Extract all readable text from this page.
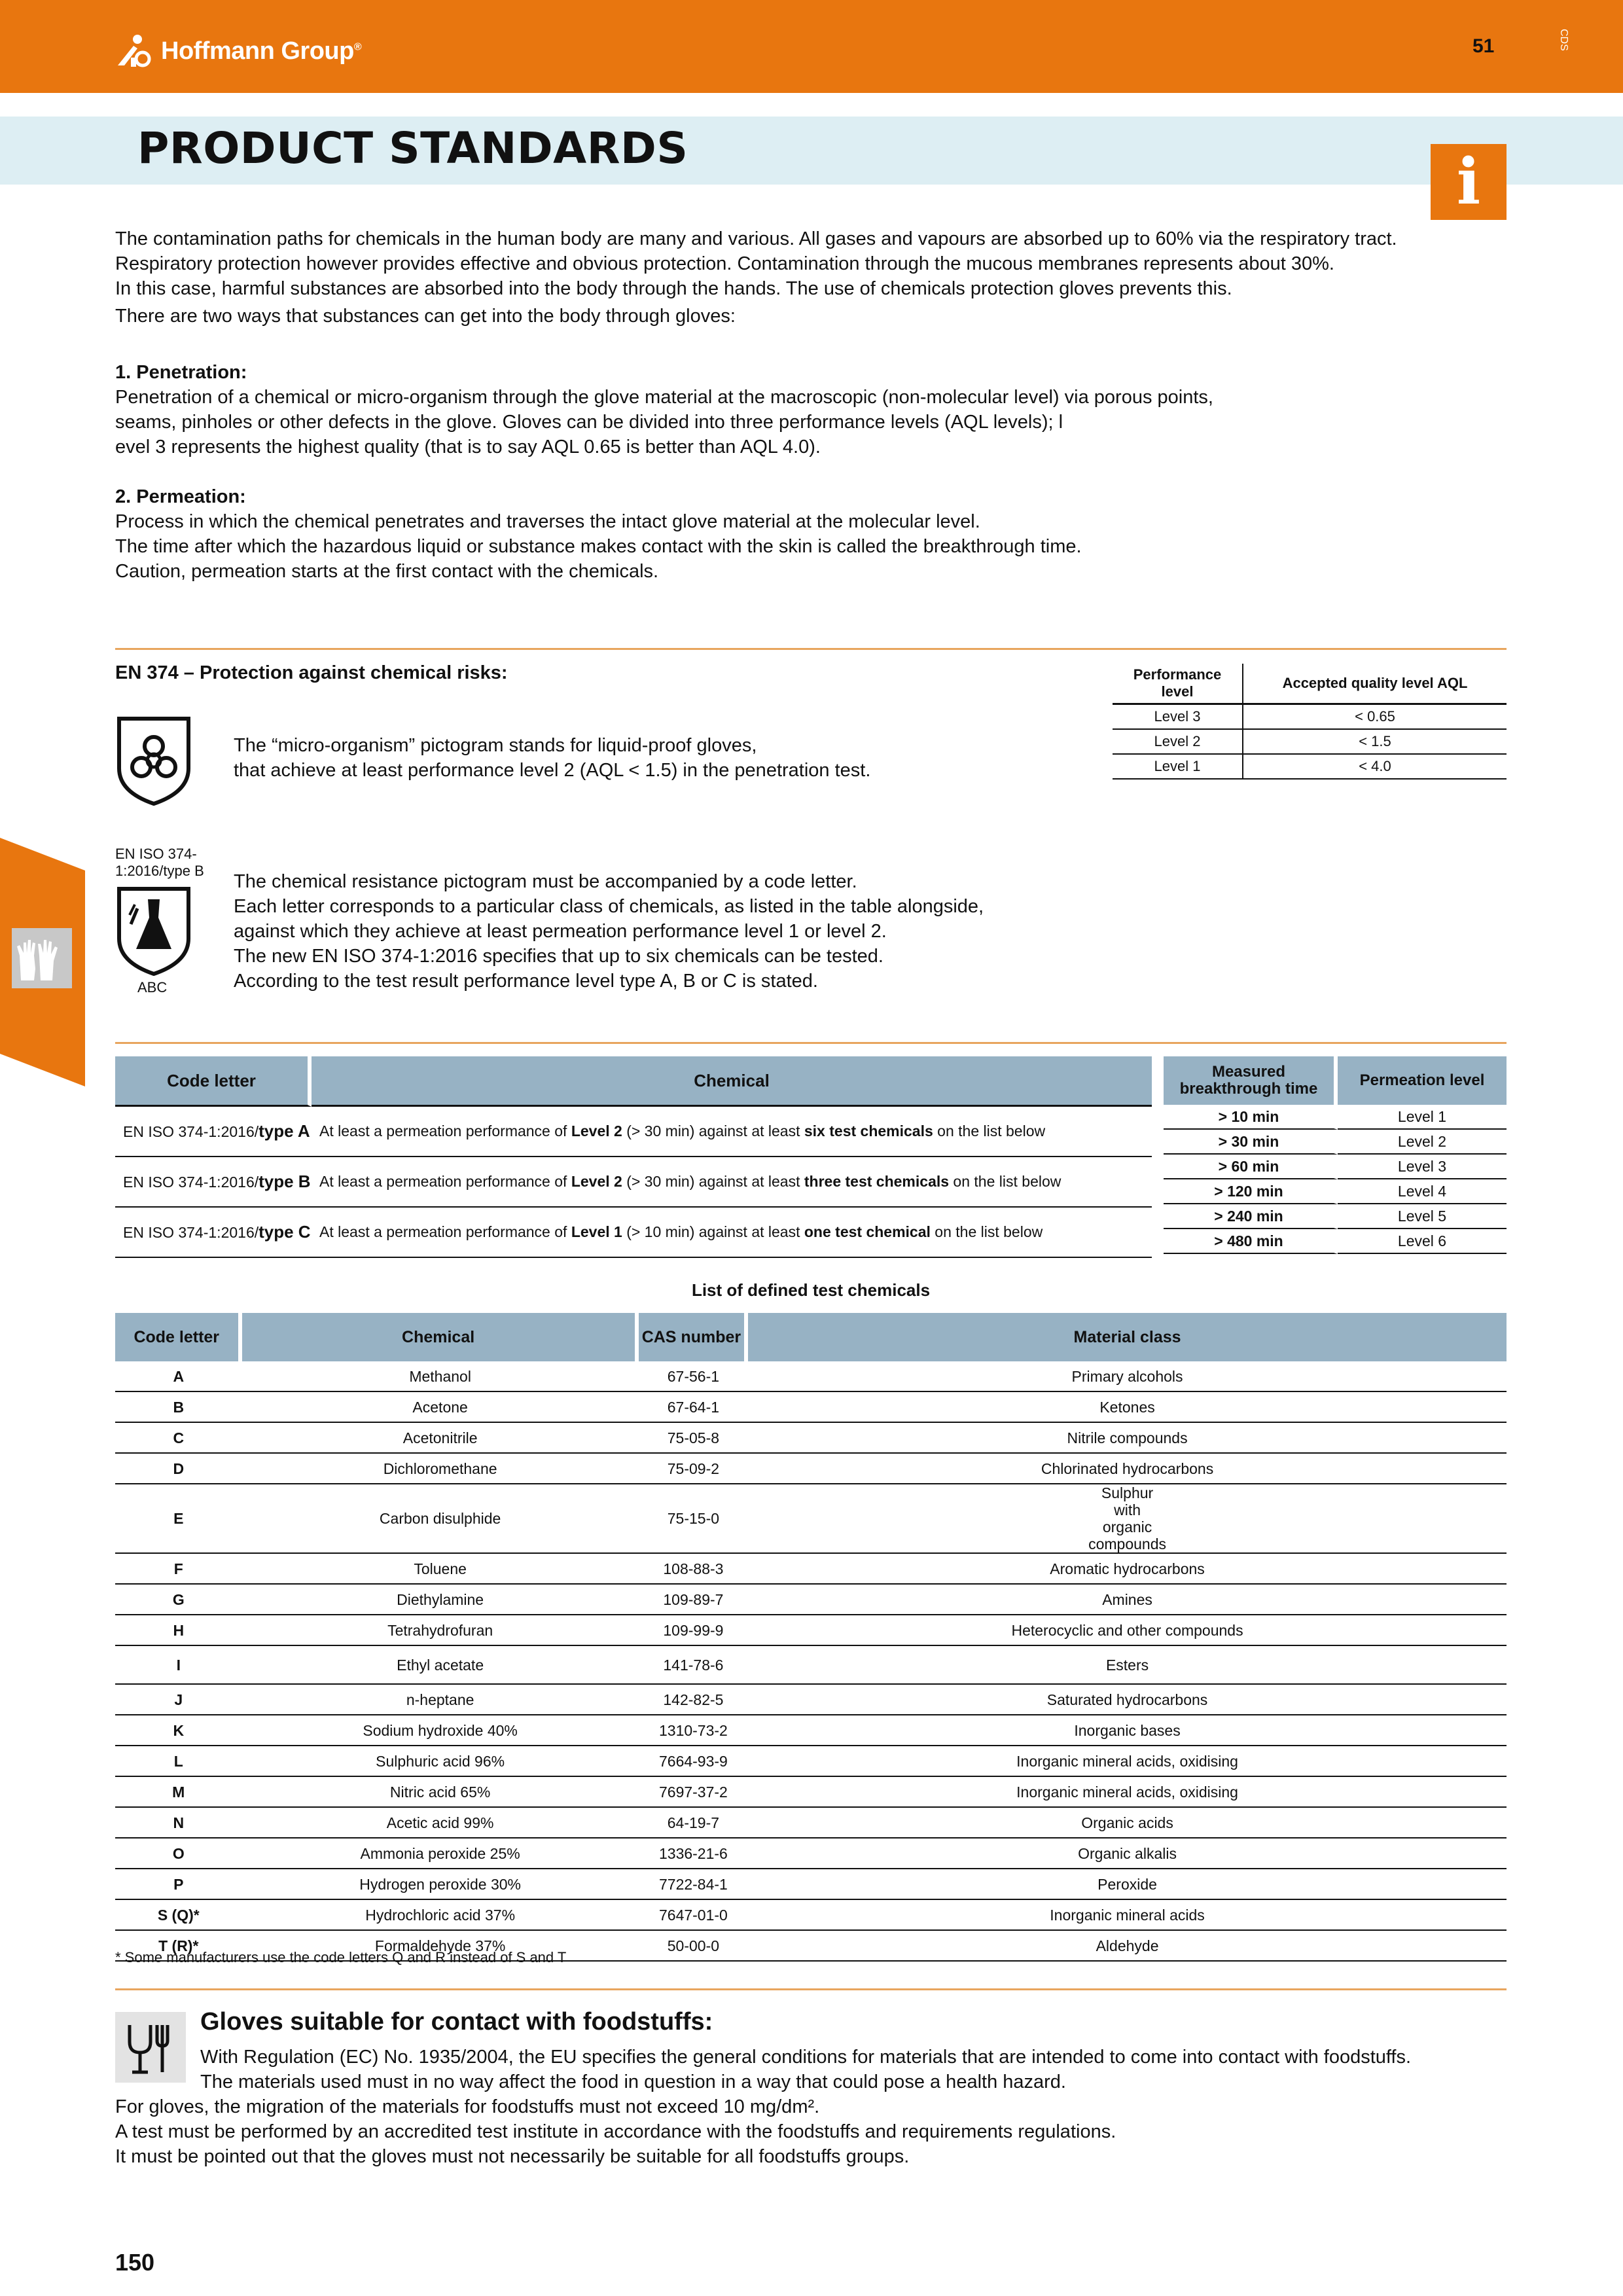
Hoffmann Group®	51	CDS
PRODUCT STANDARDS	i
The contamination paths for chemicals in the human body are many and various. All gases and vapours are absorbed up to 60% via the respiratory tract.
Respiratory protection however provides effective and obvious protection. Contamination through the mucous membranes represents about 30%.
In this case, harmful substances are absorbed into the body through the hands. The use of chemicals protection gloves prevents this.
There are two ways that substances can get into the body through gloves:
1. Penetration:
Penetration of a chemical or micro-organism through the glove material at the macroscopic (non-molecular level) via porous points,
seams, pinholes or other defects in the glove. Gloves can be divided into three performance levels (AQL levels); l
evel 3 represents the highest quality (that is to say AQL 0.65 is better than AQL 4.0).
2. Permeation:
Process in which the chemical penetrates and traverses the intact glove material at the molecular level.
The time after which the hazardous liquid or substance makes contact with the skin is called the breakthrough time.
Caution, permeation starts at the first contact with the chemicals.
EN 374 – Protection against chemical risks:
The “micro-organism” pictogram stands for liquid-proof gloves,
that achieve at least performance level 2 (AQL < 1.5) in the penetration test.
Performance level	Accepted quality level AQL
Level 3	< 0.65
Level 2	< 1.5
Level 1	< 4.0
EN ISO 374-
1:2016/type B
ABC
The chemical resistance pictogram must be accompanied by a code letter.
Each letter corresponds to a particular class of chemicals, as listed in the table alongside,
against which they achieve at least permeation performance level 1 or level 2.
The new EN ISO 374-1:2016 specifies that up to six chemicals can be tested.
According to the test result performance level type A, B or C is stated.
Code letter	Chemical
EN ISO 374-1:2016/type A	At least a permeation performance of Level 2 (> 30 min) against at least six test chemicals on the list below
EN ISO 374-1:2016/type B	At least a permeation performance of Level 2 (> 30 min) against at least three test chemicals on the list below
EN ISO 374-1:2016/type C	At least a permeation performance of Level 1 (> 10 min) against at least one test chemical on the list below
Measured breakthrough time	Permeation level
> 10 min	Level 1
> 30 min	Level 2
> 60 min	Level 3
> 120 min	Level 4
> 240 min	Level 5
> 480 min	Level 6
List of defined test chemicals
Code letter	Chemical	CAS number	Material class
A	Methanol	67-56-1	Primary alcohols
B	Acetone	67-64-1	Ketones
C	Acetonitrile	75-05-8	Nitrile compounds
D	Dichloromethane	75-09-2	Chlorinated hydrocarbons
E	Carbon disulphide	75-15-0	Sulphur with organic compounds
F	Toluene	108-88-3	Aromatic hydrocarbons
G	Diethylamine	109-89-7	Amines
H	Tetrahydrofuran	109-99-9	Heterocyclic and other compounds
I	Ethyl acetate	141-78-6	Esters
J	n-heptane	142-82-5	Saturated hydrocarbons
K	Sodium hydroxide 40%	1310-73-2	Inorganic bases
L	Sulphuric acid 96%	7664-93-9	Inorganic mineral acids, oxidising
M	Nitric acid 65%	7697-37-2	Inorganic mineral acids, oxidising
N	Acetic acid 99%	64-19-7	Organic acids
O	Ammonia peroxide 25%	1336-21-6	Organic alkalis
P	Hydrogen peroxide 30%	7722-84-1	Peroxide
S (Q)*	Hydrochloric acid 37%	7647-01-0	Inorganic mineral acids
T (R)*	Formaldehyde 37%	50-00-0	Aldehyde
* Some manufacturers use the code letters Q and R instead of S and T
Gloves suitable for contact with foodstuffs:
With Regulation (EC) No. 1935/2004, the EU specifies the general conditions for materials that are intended to come into contact with foodstuffs.
The materials used must in no way affect the food in question in a way that could pose a health hazard.
For gloves, the migration of the materials for foodstuffs must not exceed 10 mg/dm².
A test must be performed by an accredited test institute in accordance with the foodstuffs and requirements regulations.
It must be pointed out that the gloves must not necessarily be suitable for all foodstuffs groups.
150
